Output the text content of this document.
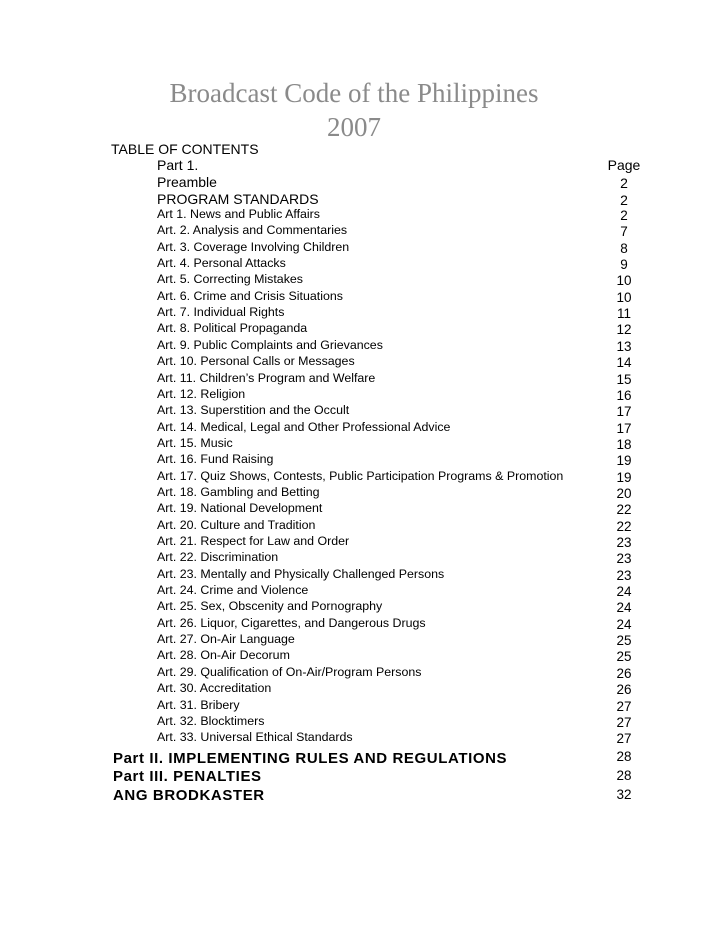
Broadcast Code of the Philippines
2007
TABLE OF CONTENTS
Part 1.	Page
Preamble	2
PROGRAM STANDARDS	2
Art 1. News and Public Affairs	2
Art. 2. Analysis and Commentaries	7
Art. 3. Coverage Involving Children	8
Art. 4. Personal Attacks	9
Art. 5. Correcting Mistakes	10
Art. 6. Crime and Crisis Situations	10
Art. 7. Individual Rights	11
Art. 8. Political Propaganda	12
Art. 9. Public Complaints and Grievances	13
Art. 10. Personal Calls or Messages	14
Art. 11. Children’s Program and Welfare	15
Art. 12. Religion	16
Art. 13. Superstition and the Occult	17
Art. 14. Medical, Legal and Other Professional Advice	17
Art. 15. Music	18
Art. 16. Fund Raising	19
Art. 17. Quiz Shows, Contests, Public Participation Programs & Promotion	19
Art. 18. Gambling and Betting	20
Art. 19. National Development	22
Art. 20. Culture and Tradition	22
Art. 21. Respect for Law and Order	23
Art. 22. Discrimination	23
Art. 23. Mentally and Physically Challenged Persons	23
Art. 24. Crime and Violence	24
Art. 25. Sex, Obscenity and Pornography	24
Art. 26. Liquor, Cigarettes, and Dangerous Drugs	24
Art. 27. On-Air Language	25
Art. 28. On-Air Decorum	25
Art. 29. Qualification of On-Air/Program Persons	26
Art. 30. Accreditation	26
Art. 31. Bribery	27
Art. 32. Blocktimers	27
Art. 33. Universal Ethical Standards	27
Part II. IMPLEMENTING RULES AND REGULATIONS	28
Part III. PENALTIES	28
ANG BRODKASTER	32
